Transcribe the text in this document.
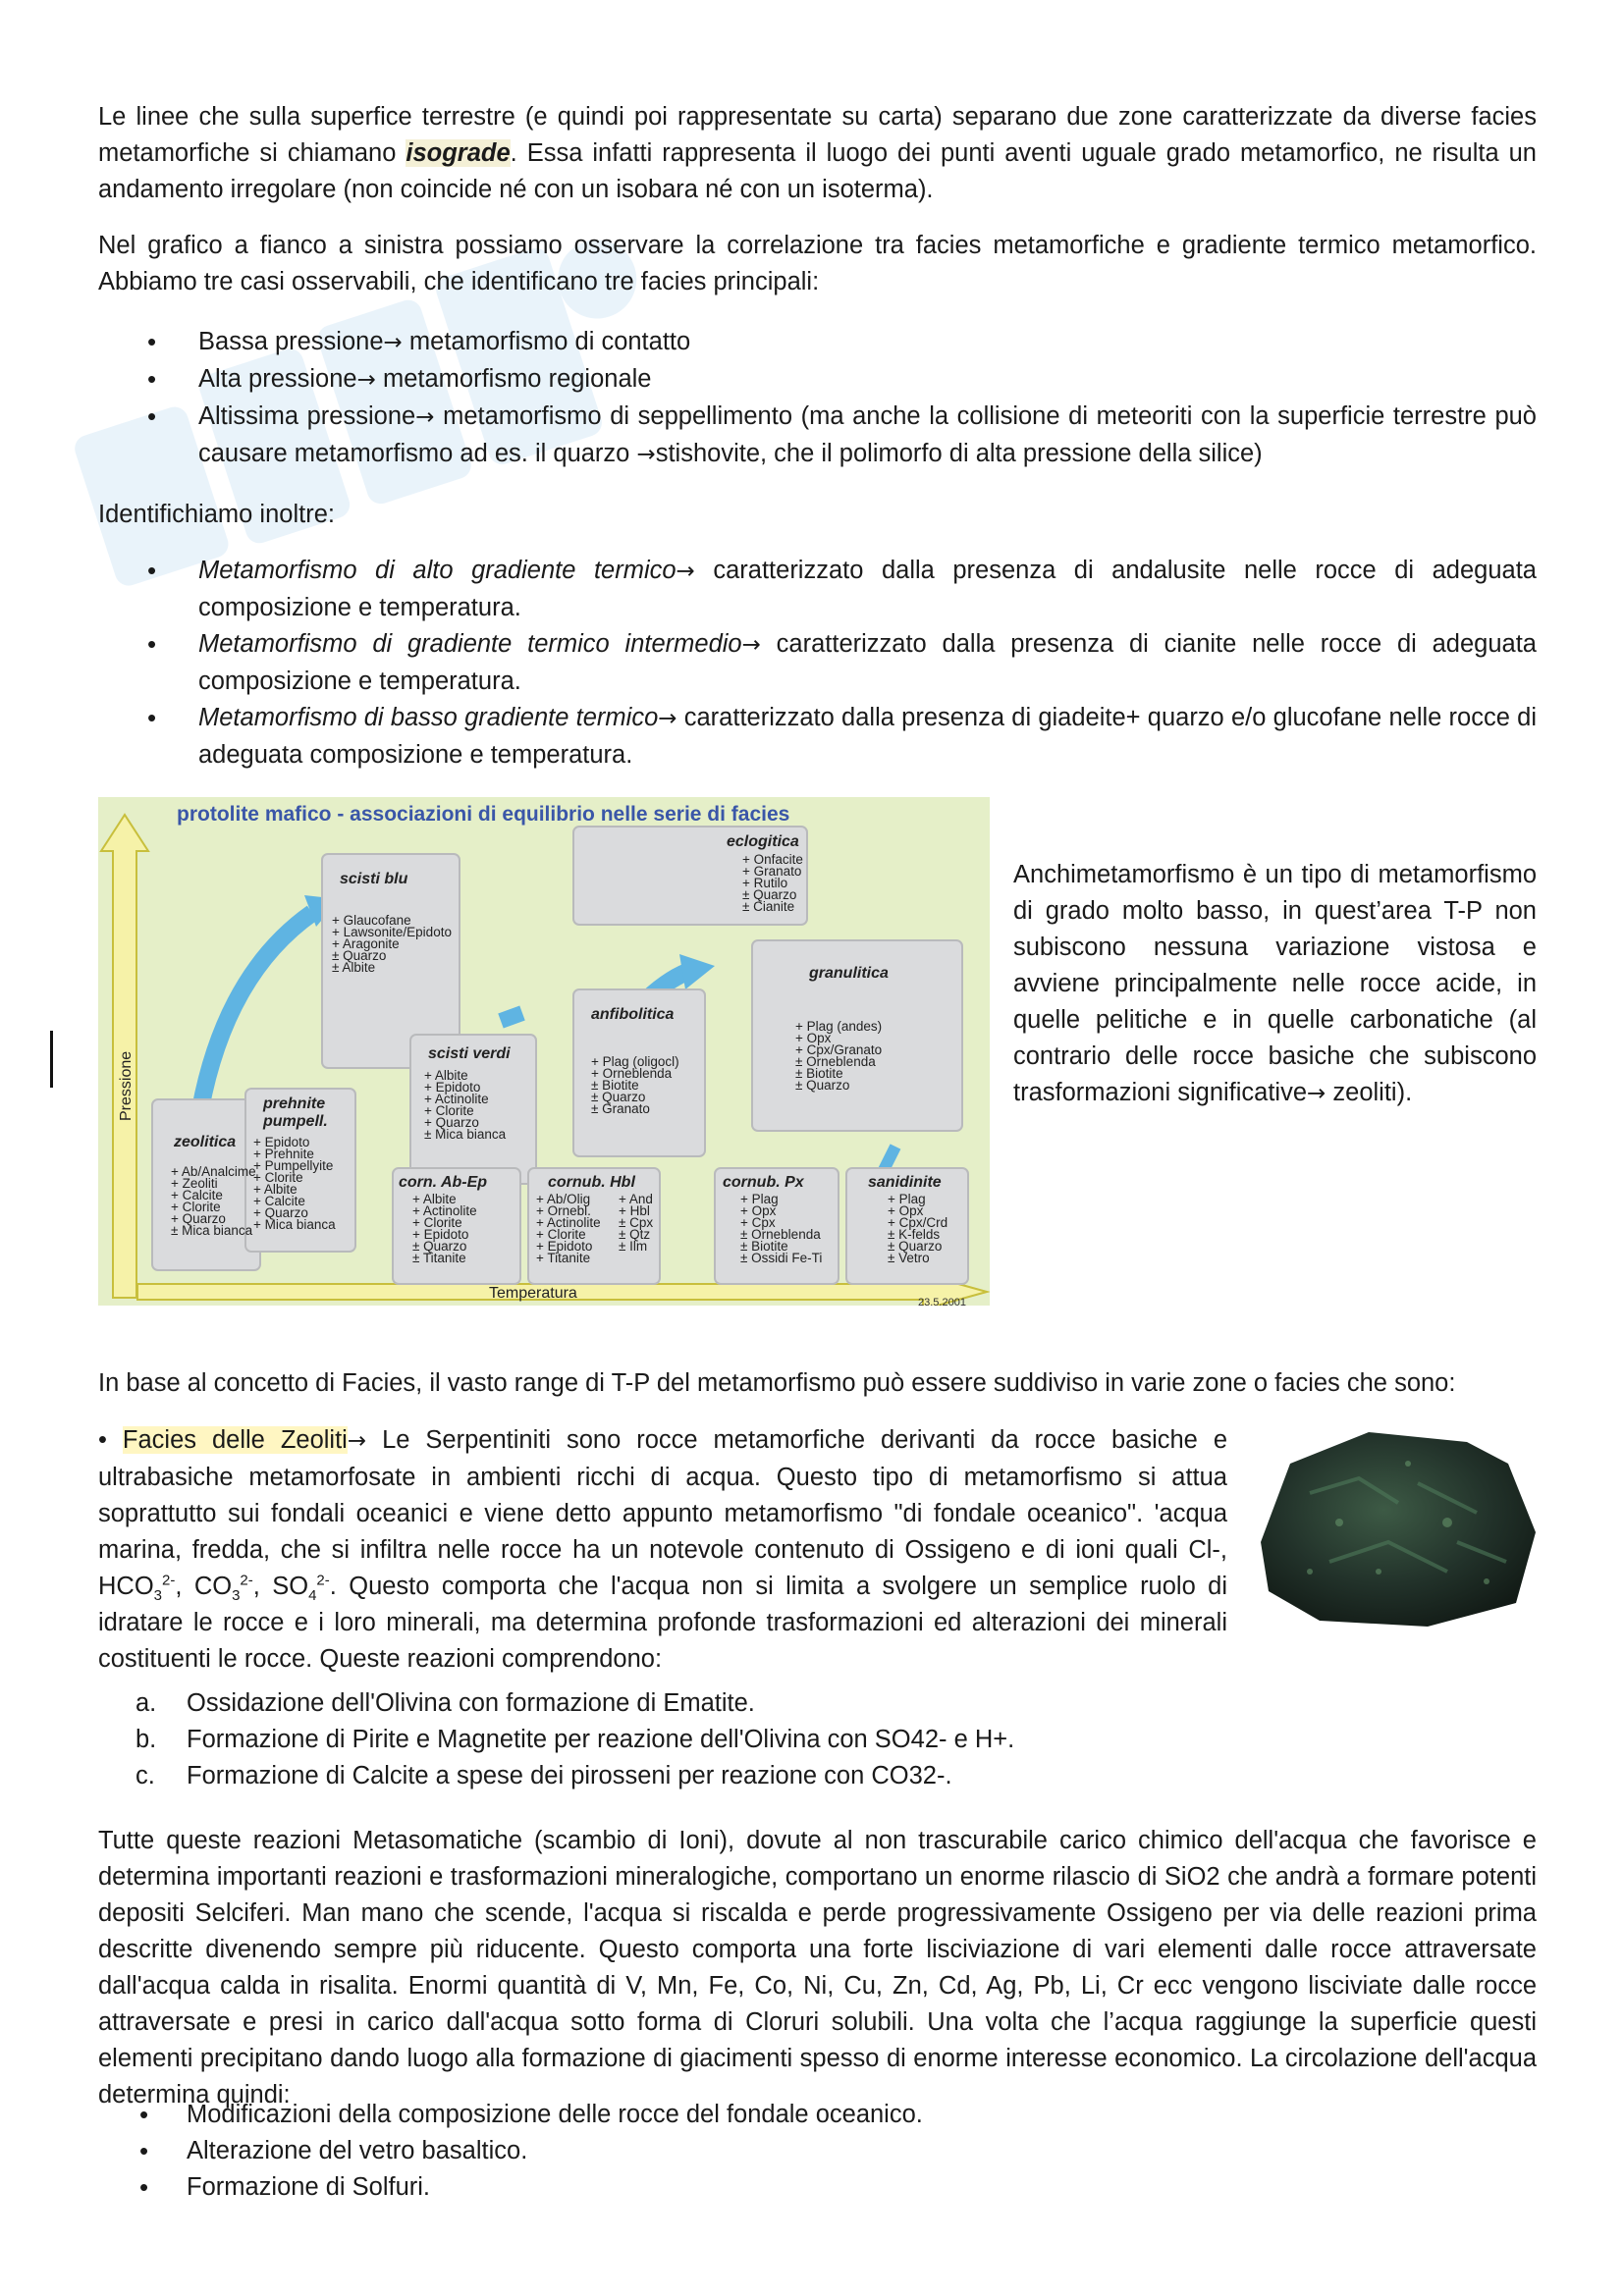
Le linee che sulla superfice terrestre (e quindi poi rappresentate su carta) separano due zone caratterizzate da diverse facies metamorfiche si chiamano isograde. Essa infatti rappresenta il luogo dei punti aventi uguale grado metamorfico, ne risulta un andamento irregolare (non coincide né con un isobara né con un isoterma).

Nel grafico a fianco a sinistra possiamo osservare la correlazione tra facies metamorfiche e gradiente termico metamorfico. Abbiamo tre casi osservabili, che identificano tre facies principali:

• Bassa pressione→ metamorfismo di contatto
• Alta pressione→ metamorfismo regionale
• Altissima pressione→ metamorfismo di seppellimento (ma anche la collisione di meteoriti con la superficie terrestre può causare metamorfismo ad es. il quarzo →stishovite, che il polimorfo di alta pressione della silice)

Identifichiamo inoltre:

• Metamorfismo di alto gradiente termico→ caratterizzato dalla presenza di andalusite nelle rocce di adeguata composizione e temperatura.
• Metamorfismo di gradiente termico intermedio→ caratterizzato dalla presenza di cianite nelle rocce di adeguata composizione e temperatura.
• Metamorfismo di basso gradiente termico→ caratterizzato dalla presenza di giadeite+ quarzo e/o glucofane nelle rocce di adeguata composizione e temperatura.
protolite mafico - associazioni di equilibrio nelle serie di facies
Pressione
Temperatura
23.5.2001
zeolitica
+ Ab/Analcime
+ Zeoliti
+ Calcite
+ Clorite
+ Quarzo
± Mica bianca
prehnite
pumpell.
+ Epidoto
+ Prehnite
+ Pumpellyite
+ Clorite
+ Albite
+ Calcite
+ Quarzo
+ Mica bianca
scisti blu
+ Glaucofane
+ Lawsonite/Epidoto
+ Aragonite
± Quarzo
± Albite
scisti verdi
+ Albite
+ Epidoto
+ Actinolite
+ Clorite
+ Quarzo
± Mica bianca
eclogitica
+ Onfacite
+ Granato
+ Rutilo
± Quarzo
± Cianite
anfibolitica
+ Plag (oligocl)
+ Orneblenda
± Biotite
± Quarzo
± Granato
granulitica
+ Plag (andes)
+ Opx
+ Cpx/Granato
± Orneblenda
± Biotite
± Quarzo
corn. Ab-Ep
+ Albite
+ Actinolite
+ Clorite
+ Epidoto
± Quarzo
± Titanite
cornub. Hbl
+ Ab/Olig
+ Ornebl.
+ Actinolite
+ Clorite
+ Epidoto
+ Titanite
+ And
+ Hbl
± Cpx
± Qtz
± Ilm
cornub. Px
+ Plag
+ Opx
+ Cpx
± Orneblenda
± Biotite
± Ossidi Fe-Ti
sanidinite
+ Plag
+ Opx
+ Cpx/Crd
± K-felds
± Quarzo
± Vetro

Anchimetamorfismo è un tipo di metamorfismo di grado molto basso, in quest’area T-P non subiscono nessuna variazione vistosa e avviene principalmente nelle rocce acide, in quelle pelitiche e in quelle carbonatiche (al contrario delle rocce basiche che subiscono trasformazioni significative→ zeoliti).

In base al concetto di Facies, il vasto range di T-P del metamorfismo può essere suddiviso in varie zone o facies che sono:

• Facies delle Zeoliti→ Le Serpentiniti sono rocce metamorfiche derivanti da rocce basiche e ultrabasiche metamorfosate in ambienti ricchi di acqua. Questo tipo di metamorfismo si attua soprattutto sui fondali oceanici e viene detto appunto metamorfismo "di fondale oceanico". 'acqua marina, fredda, che si infiltra nelle rocce ha un notevole contenuto di Ossigeno e di ioni quali Cl-, $HCO_3^{2-}$, $CO_3^{2-}$, $SO_4^{2-}$. Questo comporta che l'acqua non si limita a svolgere un semplice ruolo di idratare le rocce e i loro minerali, ma determina profonde trasformazioni ed alterazioni dei minerali costituenti le rocce. Queste reazioni comprendono:

a. Ossidazione dell'Olivina con formazione di Ematite.
b. Formazione di Pirite e Magnetite per reazione dell'Olivina con SO42- e H+.
c. Formazione di Calcite a spese dei pirosseni per reazione con CO32-.

Tutte queste reazioni Metasomatiche (scambio di Ioni), dovute al non trascurabile carico chimico dell'acqua che favorisce e determina importanti reazioni e trasformazioni mineralogiche, comportano un enorme rilascio di SiO2 che andrà a formare potenti depositi Selciferi. Man mano che scende, l'acqua si riscalda e perde progressivamente Ossigeno per via delle reazioni prima descritte divenendo sempre più riducente. Questo comporta una forte lisciviazione di vari elementi dalle rocce attraversate dall'acqua calda in risalita. Enormi quantità di V, Mn, Fe, Co, Ni, Cu, Zn, Cd, Ag, Pb, Li, Cr ecc vengono lisciviate dalle rocce attraversate e presi in carico dall'acqua sotto forma di Cloruri solubili. Una volta che l’acqua raggiunge la superficie questi elementi precipitano dando luogo alla formazione di giacimenti spesso di enorme interesse economico. La circolazione dell'acqua determina quindi:

• Modificazioni della composizione delle rocce del fondale oceanico.
• Alterazione del vetro basaltico.
• Formazione di Solfuri.
